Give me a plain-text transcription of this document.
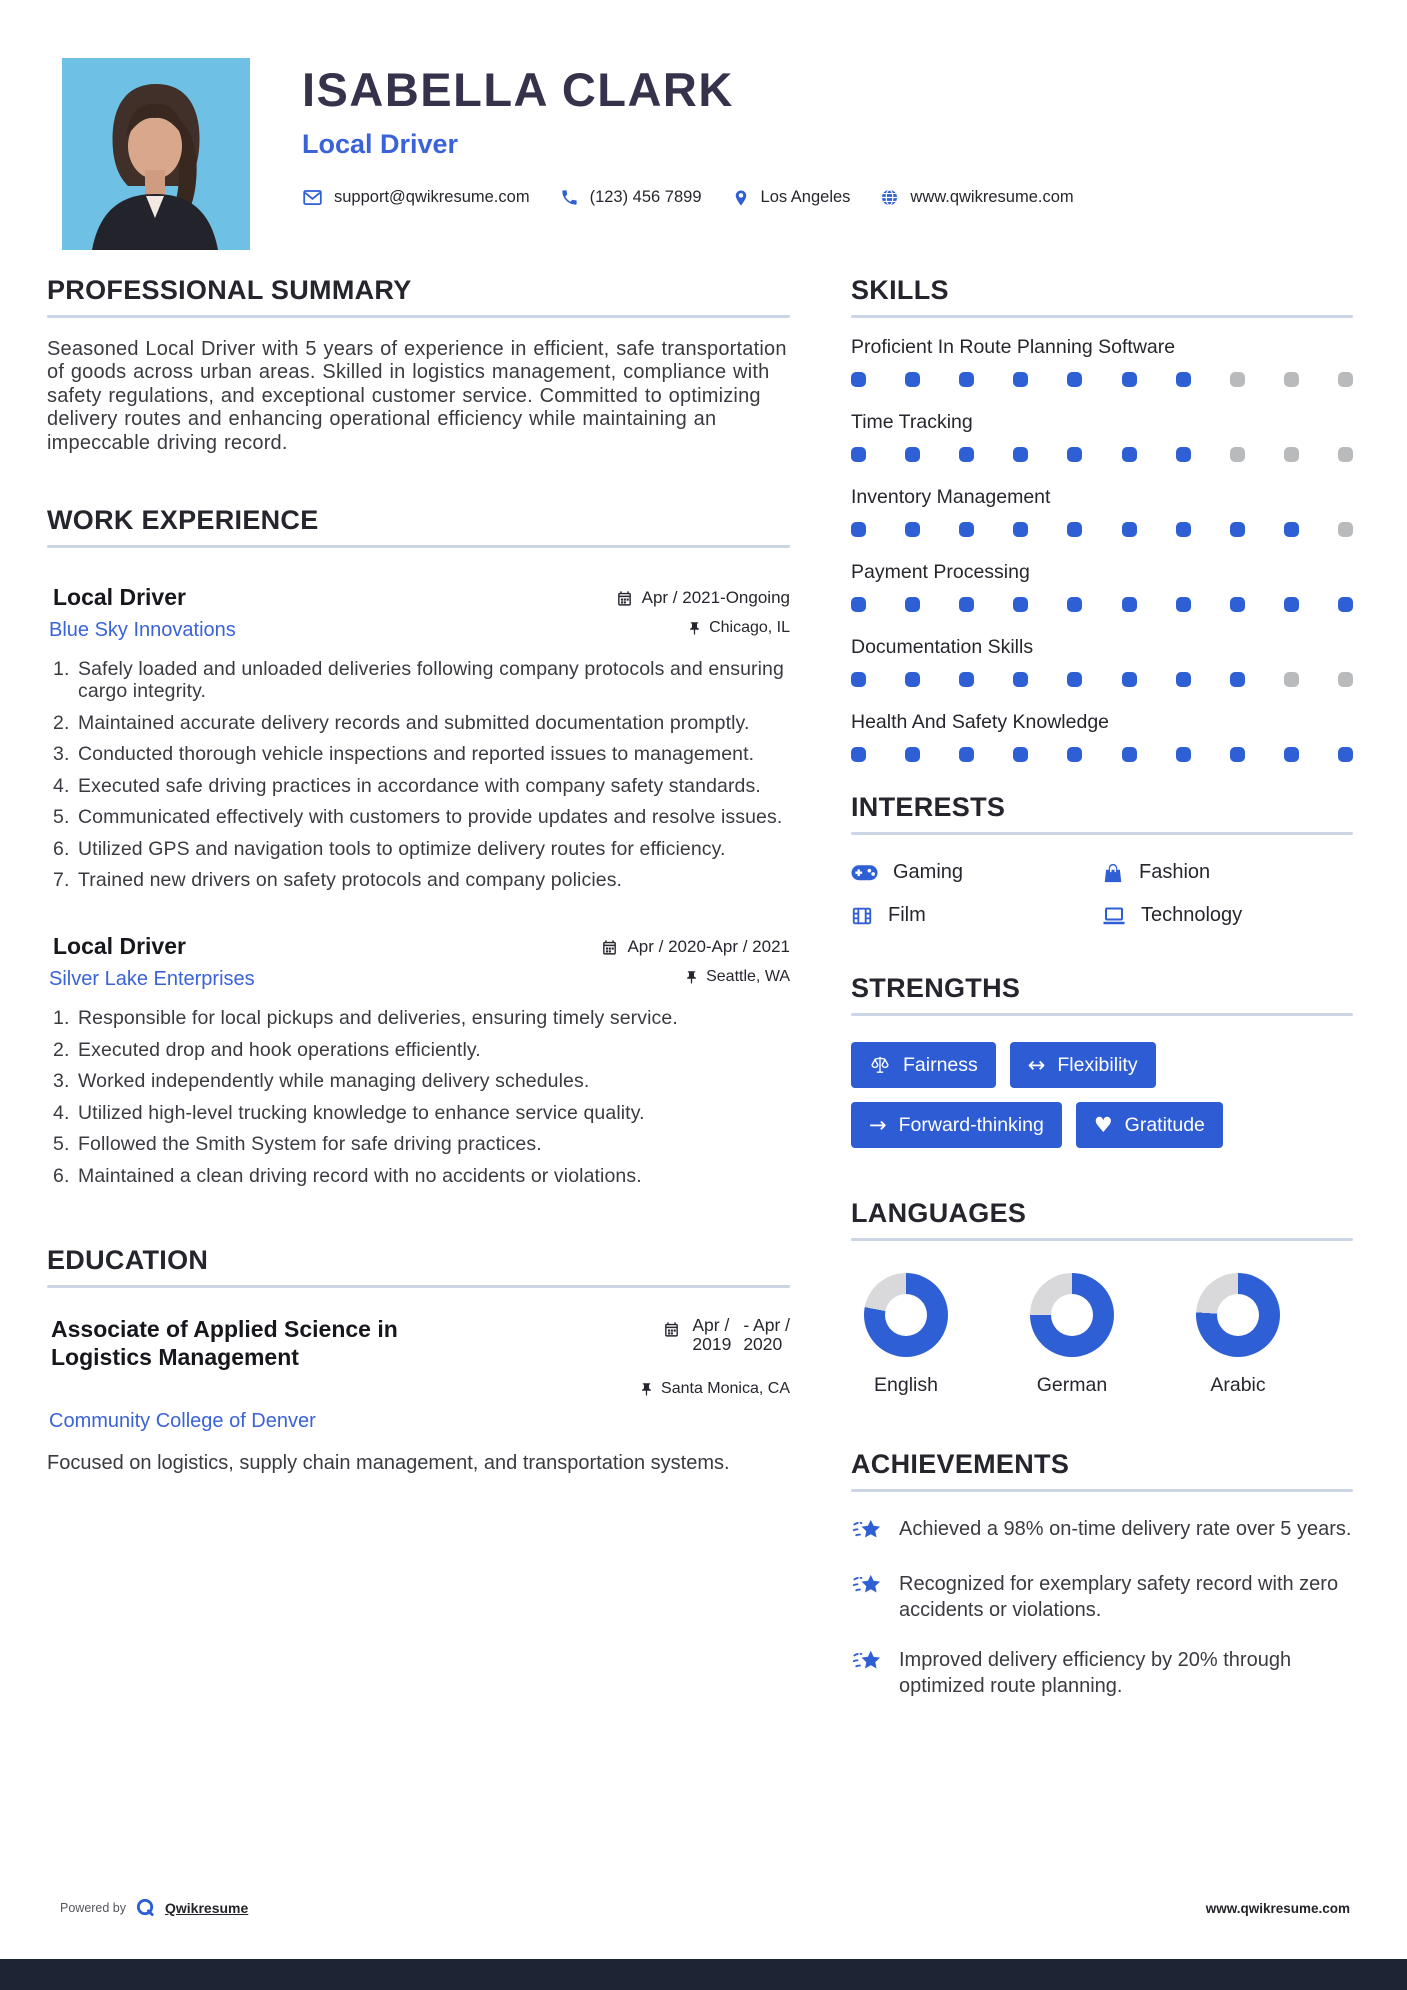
ISABELLA CLARK
Local Driver
support@qwikresume.com	(123) 456 7899	Los Angeles	www.qwikresume.com
PROFESSIONAL SUMMARY
Seasoned Local Driver with 5 years of experience in efficient, safe transportation of goods across urban areas. Skilled in logistics management, compliance with safety regulations, and exceptional customer service. Committed to optimizing delivery routes and enhancing operational efficiency while maintaining an impeccable driving record.
WORK EXPERIENCE
Local Driver	Apr / 2021-Ongoing
Blue Sky Innovations	Chicago, IL
1. Safely loaded and unloaded deliveries following company protocols and ensuring cargo integrity.
2. Maintained accurate delivery records and submitted documentation promptly.
3. Conducted thorough vehicle inspections and reported issues to management.
4. Executed safe driving practices in accordance with company safety standards.
5. Communicated effectively with customers to provide updates and resolve issues.
6. Utilized GPS and navigation tools to optimize delivery routes for efficiency.
7. Trained new drivers on safety protocols and company policies.
Local Driver	Apr / 2020-Apr / 2021
Silver Lake Enterprises	Seattle, WA
1. Responsible for local pickups and deliveries, ensuring timely service.
2. Executed drop and hook operations efficiently.
3. Worked independently while managing delivery schedules.
4. Utilized high-level trucking knowledge to enhance service quality.
5. Followed the Smith System for safe driving practices.
6. Maintained a clean driving record with no accidents or violations.
EDUCATION
Associate of Applied Science in Logistics Management
Apr /
2019
- Apr /
2020
Santa Monica, CA
Community College of Denver
Focused on logistics, supply chain management, and transportation systems.
SKILLS
Proficient In Route Planning Software
Time Tracking
Inventory Management
Payment Processing
Documentation Skills
Health And Safety Knowledge
INTERESTS
Gaming	Fashion
Film	Technology
STRENGTHS
Fairness ↔ Flexibility
→ Forward-thinking ♥ Gratitude
LANGUAGES
English	German	Arabic
ACHIEVEMENTS
Achieved a 98% on-time delivery rate over 5 years.
Recognized for exemplary safety record with zero accidents or violations.
Improved delivery efficiency by 20% through optimized route planning.
Powered by	Qwikresume	www.qwikresume.com
